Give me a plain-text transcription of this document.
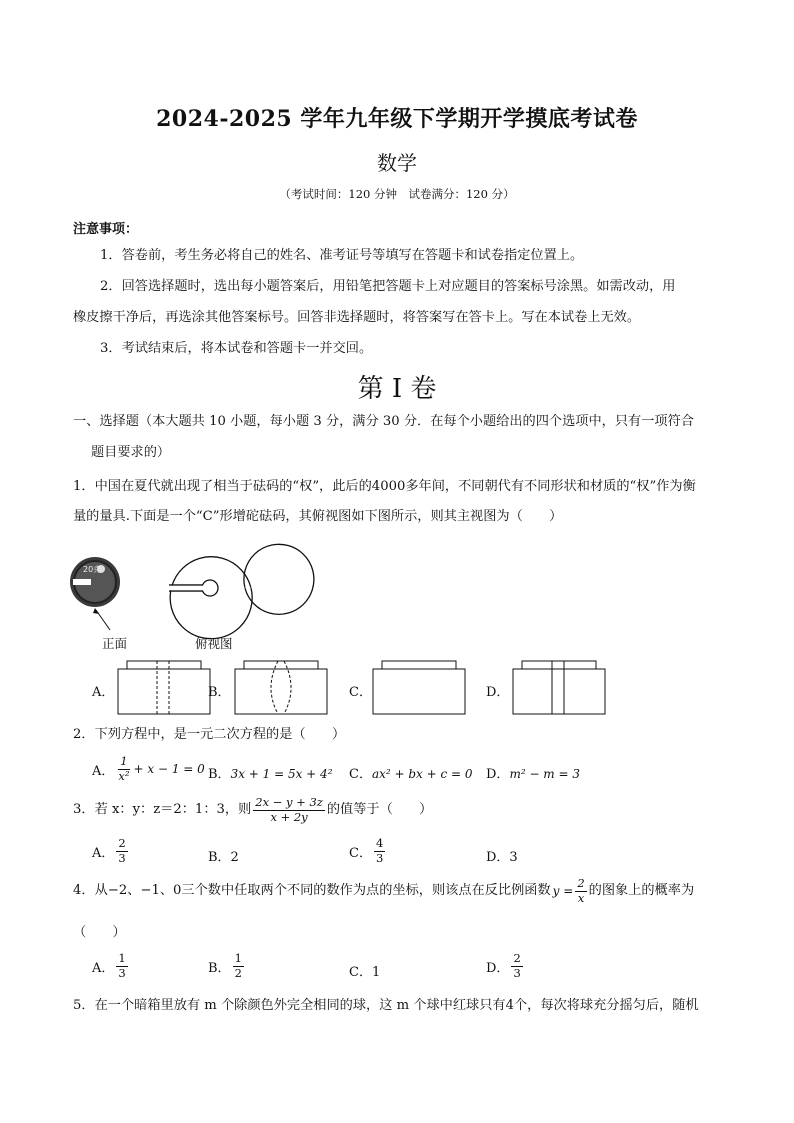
2024-2025 学年九年级下学期开学摸底考试卷
数学
（考试时间：120 分钟　试卷满分：120 分）
注意事项：
1．答卷前，考生务必将自己的姓名、准考证号等填写在答题卡和试卷指定位置上。
2．回答选择题时，选出每小题答案后，用铅笔把答题卡上对应题目的答案标号涂黑。如需改动，用
橡皮擦干净后，再选涂其他答案标号。回答非选择题时，将答案写在答卡上。写在本试卷上无效。
3．考试结束后，将本试卷和答题卡一并交回。
第 I 卷
一、选择题（本大题共 10 小题，每小题 3 分，满分 30 分．在每个小题给出的四个选项中，只有一项符合
题目要求的）
1．中国在夏代就出现了相当于砝码的“权”，此后的4000多年间，不同朝代有不同形状和材质的“权”作为衡
量的量具.下面是一个“C”形增砣砝码，其俯视图如下图所示，则其主视图为（　　）
20克
正面	俯视图
A．	B．	C．	D．
2．下列方程中，是一元二次方程的是（　　）
A． $\frac{1}{\text{x²}} + x - 1 = 0$ B．3x + 1 = 5x + 4² C．ax² + bx + c = 0 D．m² − m = 3
3．若 x：y：z＝2：1：3，则 $\frac{2x - y + 3z}{x + 2y}$ 的值等于（　　）
A． $\frac{2}{3}$	B．2	C． $\frac{4}{3}$	D．3
4．从−2、−1、0三个数中任取两个不同的数作为点的坐标，则该点在反比例函数 $y = \frac{2}{x}$ 的图象上的概率为
（　　）
A． $\frac{1}{3}$	B． $\frac{1}{2}$	C．1	D． $\frac{2}{3}$
5．在一个暗箱里放有 m 个除颜色外完全相同的球，这 m 个球中红球只有4个，每次将球充分摇匀后，随机
